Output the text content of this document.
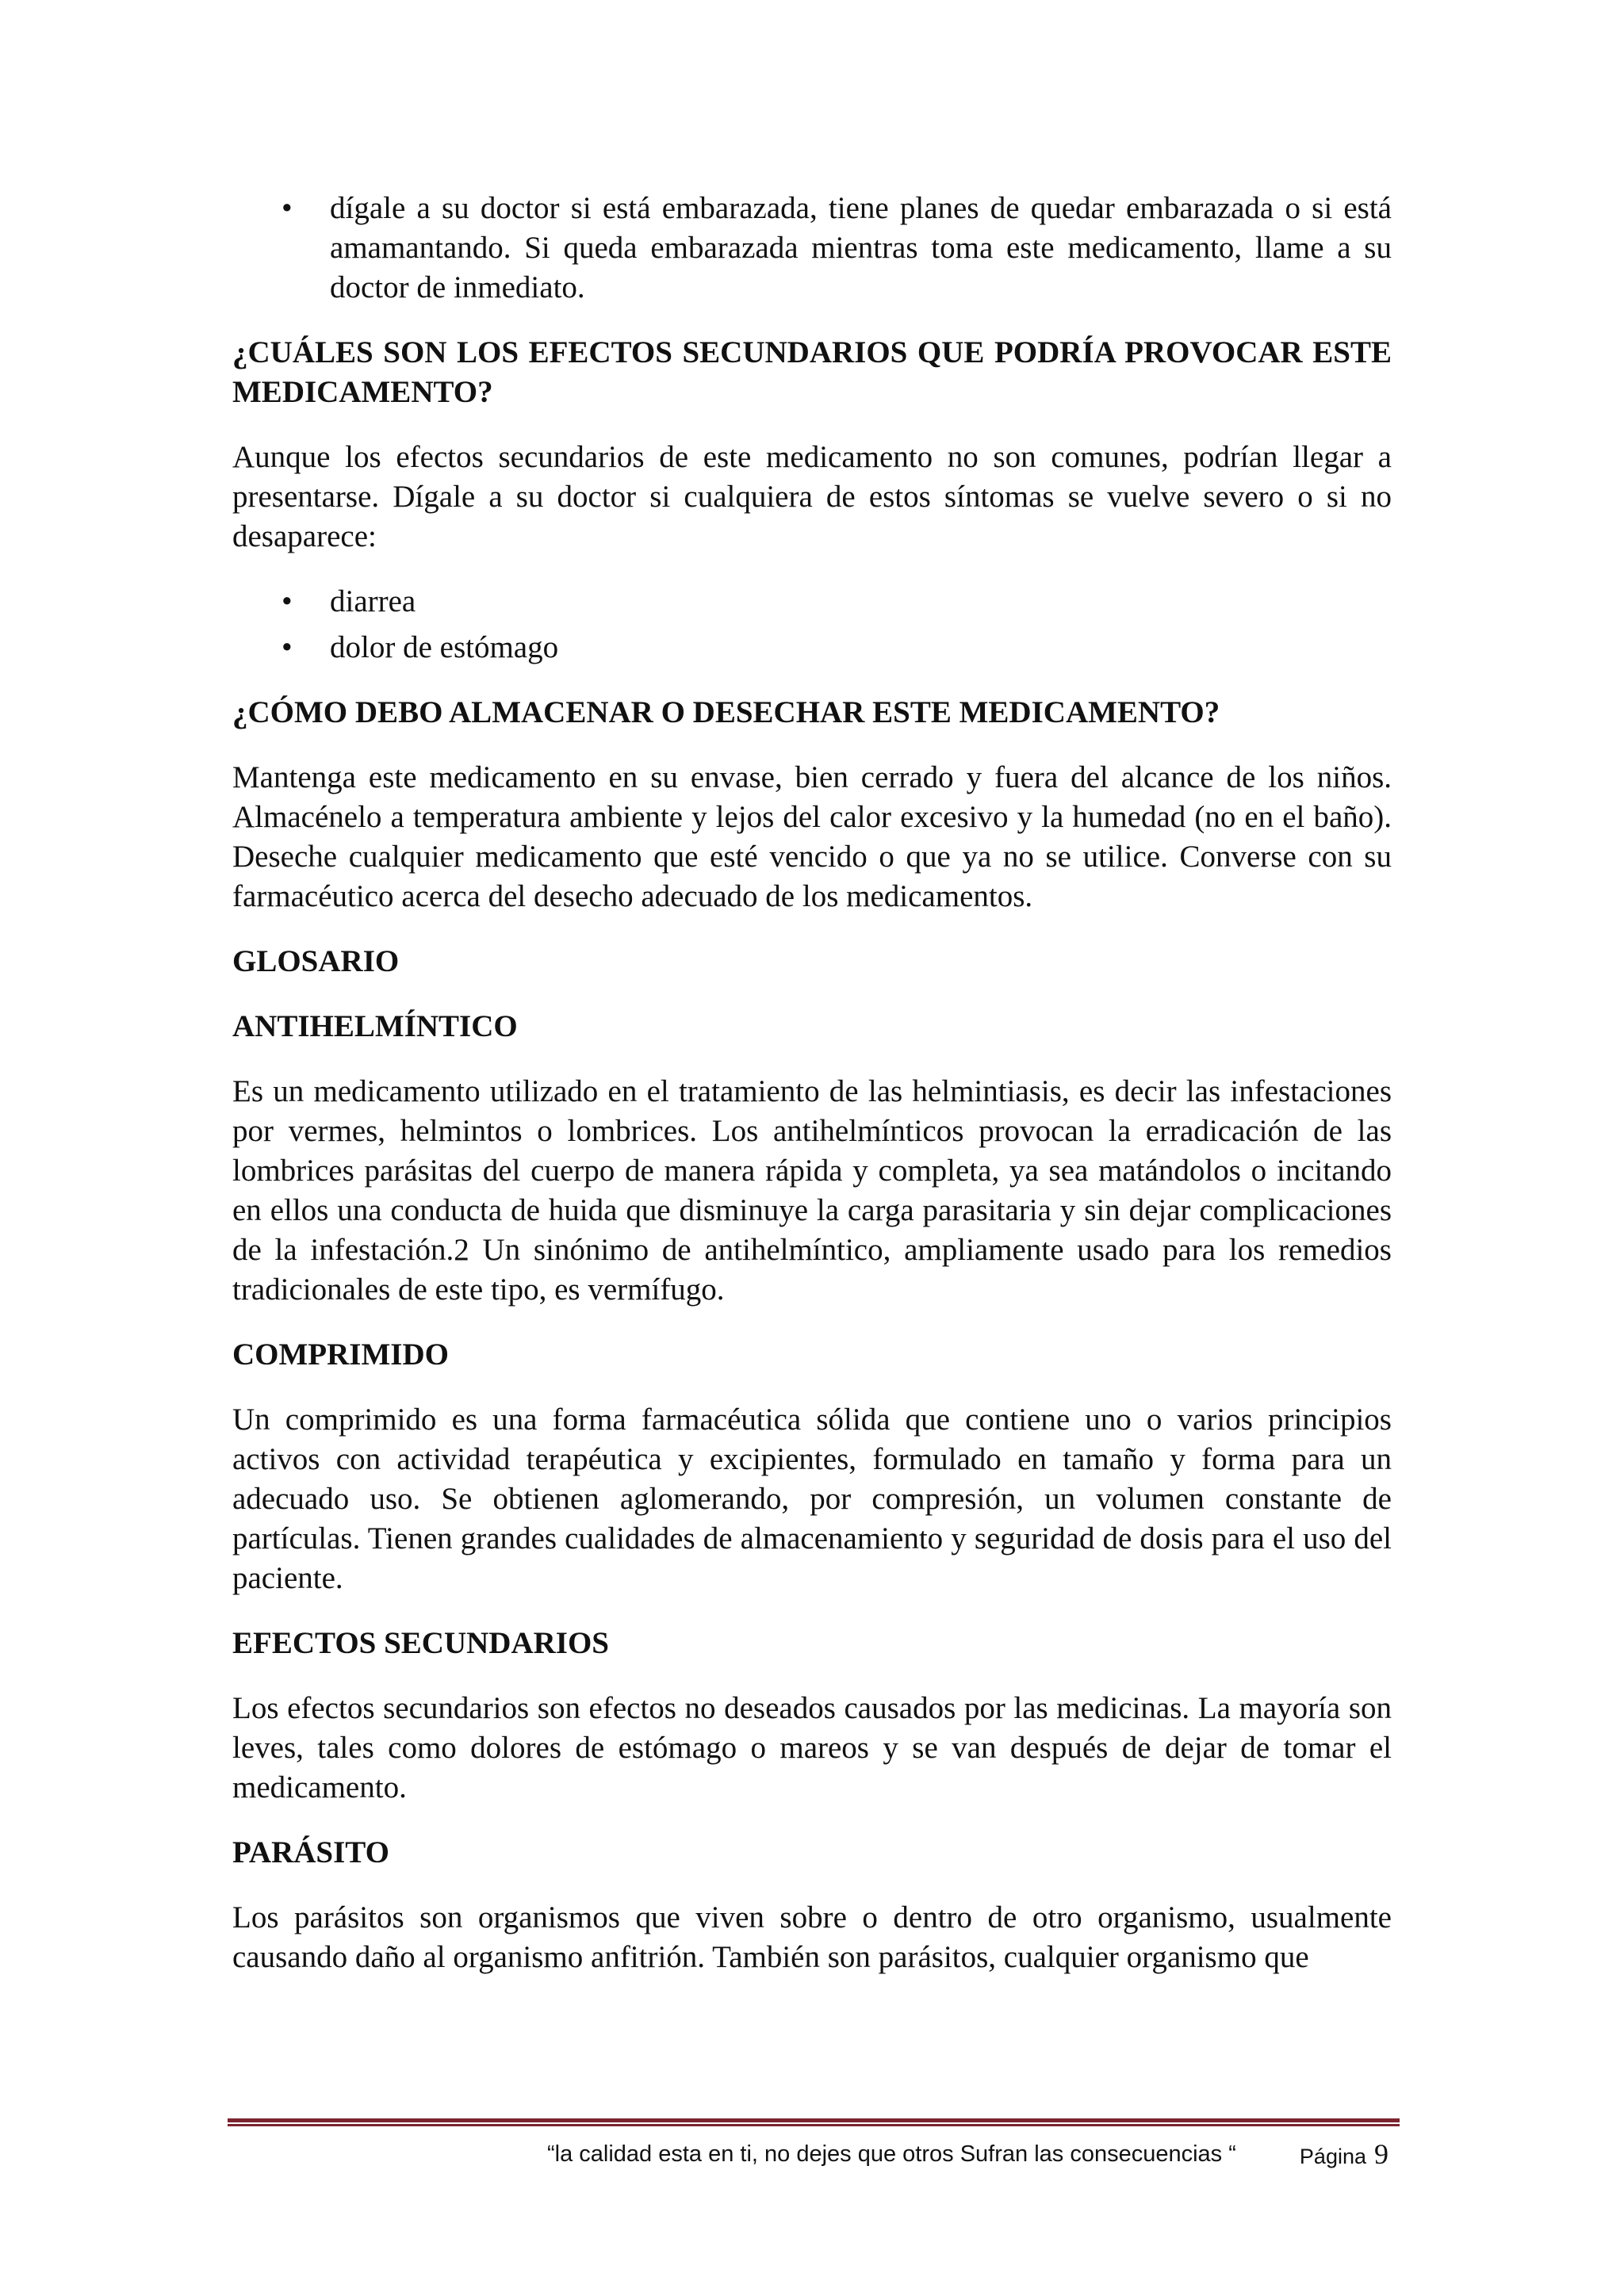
• dígale a su doctor si está embarazada, tiene planes de quedar embarazada o si está amamantando. Si queda embarazada mientras toma este medicamento, llame a su doctor de inmediato.
¿CUÁLES SON LOS EFECTOS SECUNDARIOS QUE PODRÍA PROVOCAR ESTE MEDICAMENTO?

Aunque los efectos secundarios de este medicamento no son comunes, podrían llegar a presentarse. Dígale a su doctor si cualquiera de estos síntomas se vuelve severo o si no desaparece:

• diarrea
• dolor de estómago
¿CÓMO DEBO ALMACENAR O DESECHAR ESTE MEDICAMENTO?

Mantenga este medicamento en su envase, bien cerrado y fuera del alcance de los niños. Almacénelo a temperatura ambiente y lejos del calor excesivo y la humedad (no en el baño). Deseche cualquier medicamento que esté vencido o que ya no se utilice. Converse con su farmacéutico acerca del desecho adecuado de los medicamentos.

GLOSARIO
ANTIHELMÍNTICO

Es un medicamento utilizado en el tratamiento de las helmintiasis, es decir las infestaciones por vermes, helmintos o lombrices. Los antihelmínticos provocan la erradicación de las lombrices parásitas del cuerpo de manera rápida y completa, ya sea matándolos o incitando en ellos una conducta de huida que disminuye la carga parasitaria y sin dejar complicaciones de la infestación.2 Un sinónimo de antihelmíntico, ampliamente usado para los remedios tradicionales de este tipo, es vermífugo.

COMPRIMIDO

Un comprimido es una forma farmacéutica sólida que contiene uno o varios principios activos con actividad terapéutica y excipientes, formulado en tamaño y forma para un adecuado uso. Se obtienen aglomerando, por compresión, un volumen constante de partículas. Tienen grandes cualidades de almacenamiento y seguridad de dosis para el uso del paciente.

EFECTOS SECUNDARIOS

Los efectos secundarios son efectos no deseados causados por las medicinas. La mayoría son leves, tales como dolores de estómago o mareos y se van después de dejar de tomar el medicamento.

PARÁSITO

Los parásitos son organismos que viven sobre o dentro de otro organismo, usualmente causando daño al organismo anfitrión. También son parásitos, cualquier organismo que

“la calidad esta en ti, no dejes que otros Sufran las consecuencias “	Página 9
